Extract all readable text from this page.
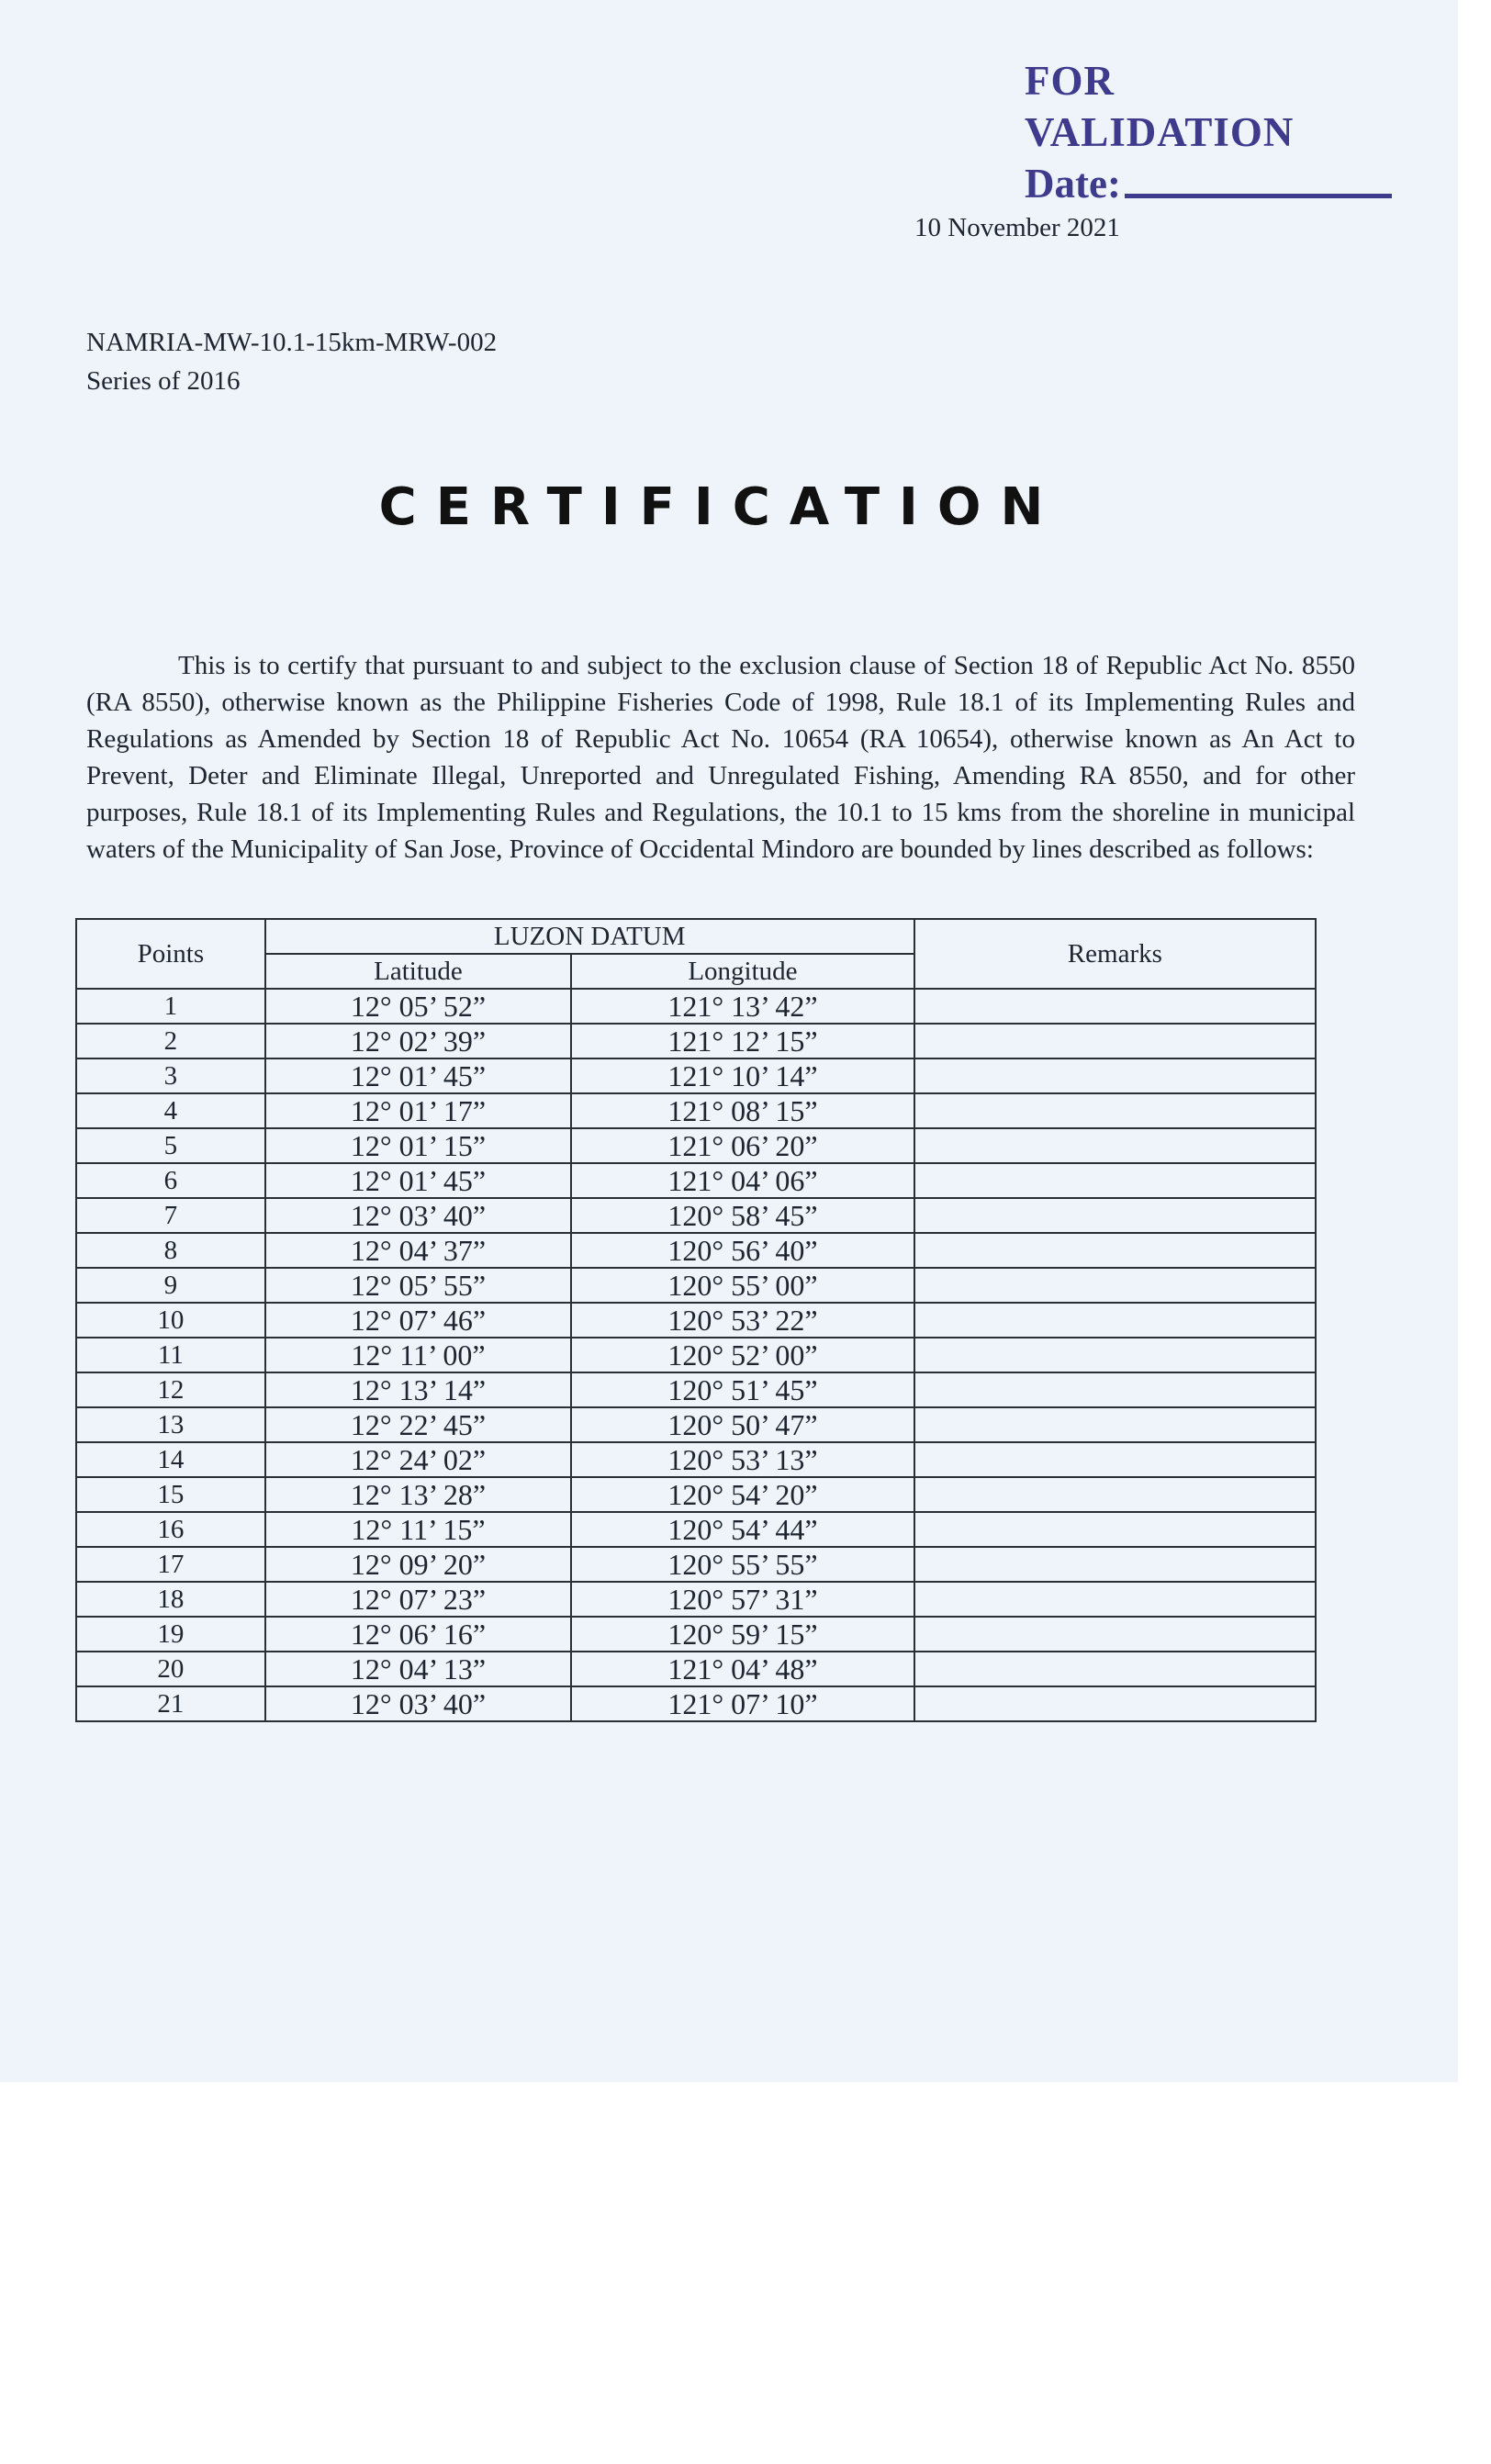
FOR VALIDATION
Date:
10 November 2021
NAMRIA-MW-10.1-15km-MRW-002
Series of 2016
CERTIFICATION

This is to certify that pursuant to and subject to the exclusion clause of Section 18 of Republic Act No. 8550 (RA 8550), otherwise known as the Philippine Fisheries Code of 1998, Rule 18.1 of its Implementing Rules and Regulations as Amended by Section 18 of Republic Act No. 10654 (RA 10654), otherwise known as An Act to Prevent, Deter and Eliminate Illegal, Unreported and Unregulated Fishing, Amending RA 8550, and for other purposes, Rule 18.1 of its Implementing Rules and Regulations, the 10.1 to 15 kms from the shoreline in municipal waters of the Municipality of San Jose, Province of Occidental Mindoro are bounded by lines described as follows:

Points	LUZON DATUM		Remarks
	Latitude	Longitude	
1	12° 05’ 52”	121° 13’ 42”	
2	12° 02’ 39”	121° 12’ 15”	
3	12° 01’ 45”	121° 10’ 14”	
4	12° 01’ 17”	121° 08’ 15”	
5	12° 01’ 15”	121° 06’ 20”	
6	12° 01’ 45”	121° 04’ 06”	
7	12° 03’ 40”	120° 58’ 45”	
8	12° 04’ 37”	120° 56’ 40”	
9	12° 05’ 55”	120° 55’ 00”	
10	12° 07’ 46”	120° 53’ 22”	
11	12° 11’ 00”	120° 52’ 00”	
12	12° 13’ 14”	120° 51’ 45”	
13	12° 22’ 45”	120° 50’ 47”	
14	12° 24’ 02”	120° 53’ 13”	
15	12° 13’ 28”	120° 54’ 20”	
16	12° 11’ 15”	120° 54’ 44”	
17	12° 09’ 20”	120° 55’ 55”	
18	12° 07’ 23”	120° 57’ 31”	
19	12° 06’ 16”	120° 59’ 15”	
20	12° 04’ 13”	121° 04’ 48”	
21	12° 03’ 40”	121° 07’ 10”	
